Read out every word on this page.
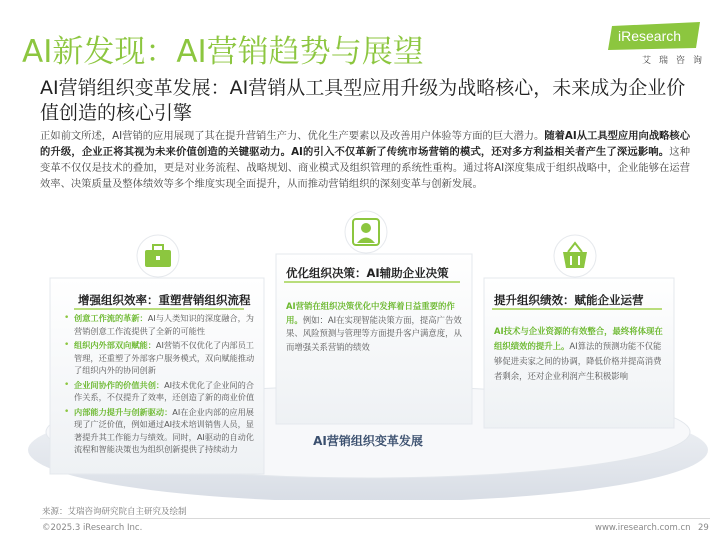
AI新发现：AI营销趋势与展望	iResearch
艾瑞咨询
AI营销组织变革发展：AI营销从工具型应用升级为战略核心，未来成为企业价值创造的核心引擎
正如前文所述，AI营销的应用展现了其在提升营销生产力、优化生产要素以及改善用户体验等方面的巨大潜力。随着AI从工具型应用向战略核心的升级，企业正将其视为未来价值创造的关键驱动力。AI的引入不仅革新了传统市场营销的模式，还对多方利益相关者产生了深远影响。这种变革不仅仅是技术的叠加，更是对业务流程、战略规划、商业模式及组织管理的系统性重构。通过将AI深度集成于组织战略中，企业能够在运营效率、决策质量及整体绩效等多个维度实现全面提升，从而推动营销组织的深刻变革与创新发展。
增强组织效率：重塑营销组织流程
• 创意工作流的革新：AI与人类知识的深度融合，为营销创意工作流提供了全新的可能性
• 组织内外部双向赋能：AI营销不仅优化了内部员工管理，还重塑了外部客户服务模式，双向赋能推动了组织内外的协同创新
• 企业间协作的价值共创：AI技术优化了企业间的合作关系，不仅提升了效率，还创造了新的商业价值
• 内部能力提升与创新驱动：AI在企业内部的应用展现了广泛价值，例如通过AI技术培训销售人员，显著提升其工作能力与绩效。同时，AI驱动的自动化流程和智能决策也为组织创新提供了持续动力
优化组织决策：AI辅助企业决策
AI营销在组织决策优化中发挥着日益重要的作用。例如：AI在实现智能决策方面，提高广告效果、风险预测与管理等方面提升客户满意度，从而增强关系营销的绩效
提升组织绩效：赋能企业运营
AI技术与企业资源的有效整合，最终将体现在组织绩效的提升上。AI算法的预测功能不仅能够促进卖家之间的协调，降低价格并提高消费者剩余，还对企业利润产生积极影响
AI营销组织变革发展
来源：艾瑞咨询研究院自主研究及绘制
©2025.3 iResearch Inc.	www.iresearch.com.cn 29
